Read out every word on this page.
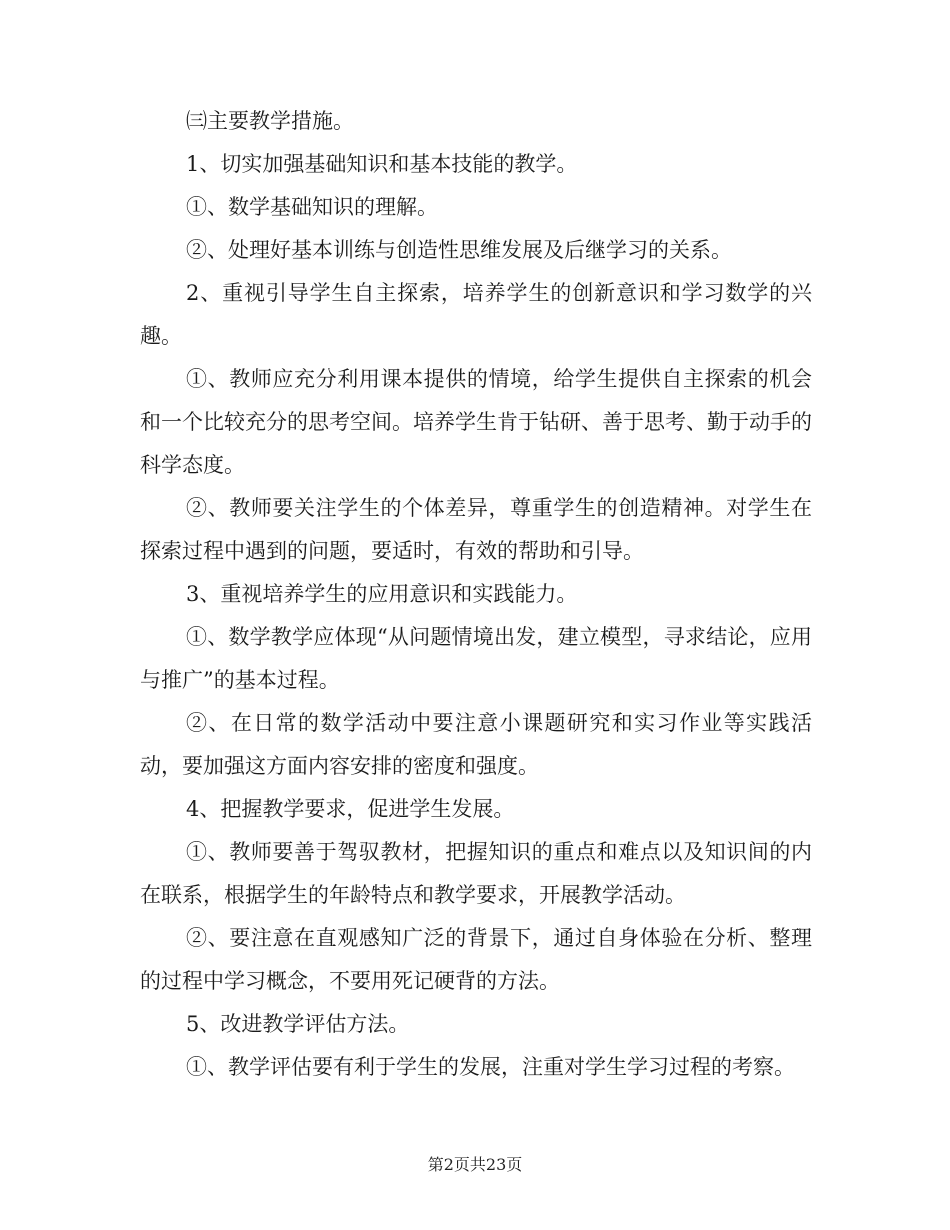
㈢主要教学措施。

1、切实加强基础知识和基本技能的教学。

①、数学基础知识的理解。

②、处理好基本训练与创造性思维发展及后继学习的关系。

2、重视引导学生自主探索，培养学生的创新意识和学习数学的兴趣。

①、教师应充分利用课本提供的情境，给学生提供自主探索的机会和一个比较充分的思考空间。培养学生肯于钻研、善于思考、勤于动手的科学态度。

②、教师要关注学生的个体差异，尊重学生的创造精神。对学生在探索过程中遇到的问题，要适时，有效的帮助和引导。

3、重视培养学生的应用意识和实践能力。

①、数学教学应体现“从问题情境出发，建立模型，寻求结论，应用与推广”的基本过程。

②、在日常的数学活动中要注意小课题研究和实习作业等实践活动，要加强这方面内容安排的密度和强度。

4、把握教学要求，促进学生发展。

①、教师要善于驾驭教材，把握知识的重点和难点以及知识间的内在联系，根据学生的年龄特点和教学要求，开展教学活动。

②、要注意在直观感知广泛的背景下，通过自身体验在分析、整理的过程中学习概念，不要用死记硬背的方法。

5、改进教学评估方法。

①、教学评估要有利于学生的发展，注重对学生学习过程的考察。

第2页共23页
